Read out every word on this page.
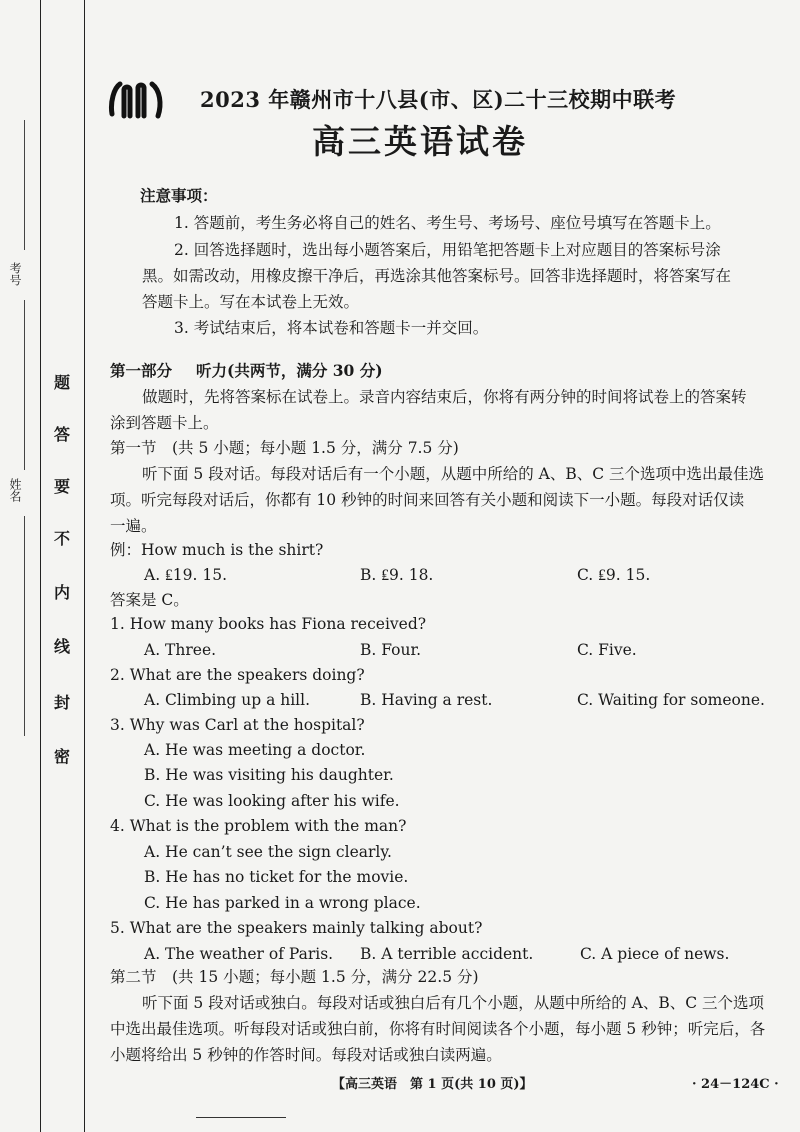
考号
姓名
题
答
要
不
内
线
封
密
2023 年赣州市十八县(市、区)二十三校期中联考
高三英语试卷
注意事项：
1. 答题前，考生务必将自己的姓名、考生号、考场号、座位号填写在答题卡上。
2. 回答选择题时，选出每小题答案后，用铅笔把答题卡上对应题目的答案标号涂
黑。如需改动，用橡皮擦干净后，再选涂其他答案标号。回答非选择题时，将答案写在
答题卡上。写在本试卷上无效。
3. 考试结束后，将本试卷和答题卡一并交回。
第一部分 听力(共两节，满分 30 分)
做题时，先将答案标在试卷上。录音内容结束后，你将有两分钟的时间将试卷上的答案转
涂到答题卡上。
第一节　(共 5 小题；每小题 1.5 分，满分 7.5 分)
听下面 5 段对话。每段对话后有一个小题，从题中所给的 A、B、C 三个选项中选出最佳选
项。听完每段对话后，你都有 10 秒钟的时间来回答有关小题和阅读下一小题。每段对话仅读
一遍。
例：How much is the shirt?
A. ₤19. 15.	B. ₤9. 18.	C. ₤9. 15.
答案是 C。
1. How many books has Fiona received?
A. Three.	B. Four.	C. Five.
2. What are the speakers doing?
A. Climbing up a hill.	B. Having a rest.	C. Waiting for someone.
3. Why was Carl at the hospital?
A. He was meeting a doctor.
B. He was visiting his daughter.
C. He was looking after his wife.
4. What is the problem with the man?
A. He can’t see the sign clearly.
B. He has no ticket for the movie.
C. He has parked in a wrong place.
5. What are the speakers mainly talking about?
A. The weather of Paris. B. A terrible accident.	C. A piece of news.
第二节　(共 15 小题；每小题 1.5 分，满分 22.5 分)
听下面 5 段对话或独白。每段对话或独白后有几个小题，从题中所给的 A、B、C 三个选项
中选出最佳选项。听每段对话或独白前，你将有时间阅读各个小题，每小题 5 秒钟；听完后，各
小题将给出 5 秒钟的作答时间。每段对话或独白读两遍。
【高三英语　第 1 页(共 10 页)】	· 24－124C ·
